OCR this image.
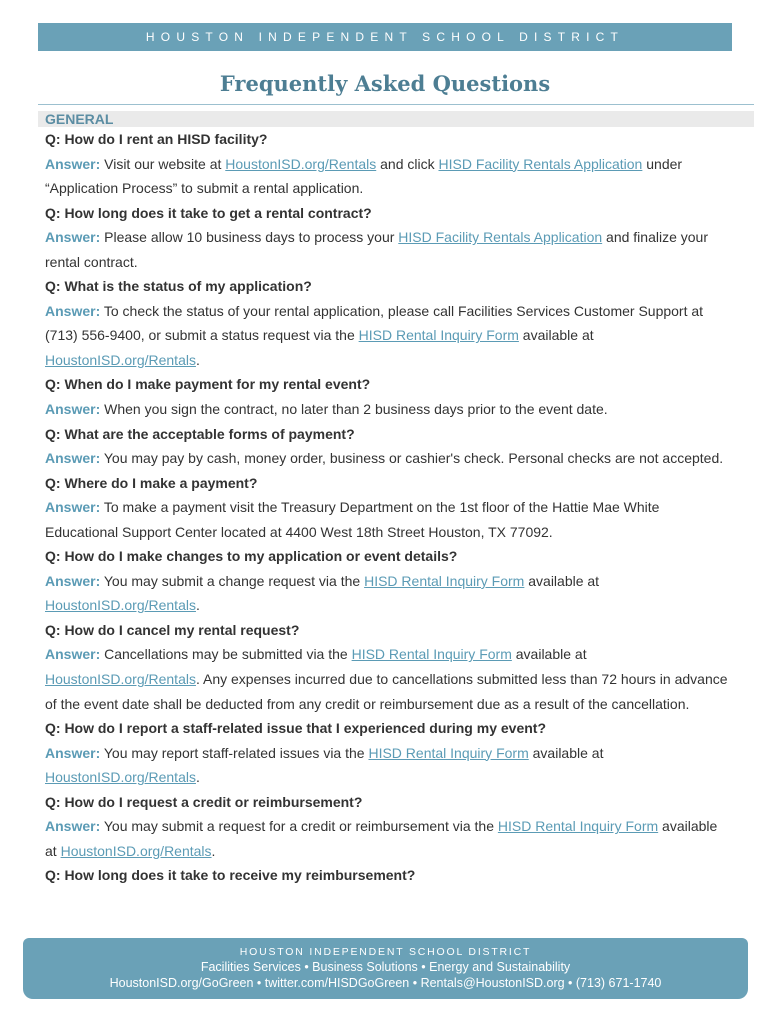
HOUSTON INDEPENDENT SCHOOL DISTRICT
Frequently Asked Questions
GENERAL
Q: How do I rent an HISD facility?
Answer: Visit our website at HoustonISD.org/Rentals and click HISD Facility Rentals Application under
“Application Process” to submit a rental application.
Q: How long does it take to get a rental contract?
Answer: Please allow 10 business days to process your HISD Facility Rentals Application and finalize your
rental contract.
Q: What is the status of my application?
Answer: To check the status of your rental application, please call Facilities Services Customer Support at
(713) 556-9400, or submit a status request via the HISD Rental Inquiry Form available at
HoustonISD.org/Rentals.
Q: When do I make payment for my rental event?
Answer: When you sign the contract, no later than 2 business days prior to the event date.
Q: What are the acceptable forms of payment?
Answer: You may pay by cash, money order, business or cashier's check. Personal checks are not accepted.
Q: Where do I make a payment?
Answer: To make a payment visit the Treasury Department on the 1st floor of the Hattie Mae White
Educational Support Center located at 4400 West 18th Street Houston, TX 77092.
Q: How do I make changes to my application or event details?
Answer: You may submit a change request via the HISD Rental Inquiry Form available at
HoustonISD.org/Rentals.
Q: How do I cancel my rental request?
Answer: Cancellations may be submitted via the HISD Rental Inquiry Form available at
HoustonISD.org/Rentals. Any expenses incurred due to cancellations submitted less than 72 hours in advance
of the event date shall be deducted from any credit or reimbursement due as a result of the cancellation.
Q: How do I report a staff-related issue that I experienced during my event?
Answer: You may report staff-related issues via the HISD Rental Inquiry Form available at
HoustonISD.org/Rentals.
Q: How do I request a credit or reimbursement?
Answer: You may submit a request for a credit or reimbursement via the HISD Rental Inquiry Form available
at HoustonISD.org/Rentals.
Q: How long does it take to receive my reimbursement?
HOUSTON INDEPENDENT SCHOOL DISTRICT
Facilities Services • Business Solutions • Energy and Sustainability
HoustonISD.org/GoGreen • twitter.com/HISDGoGreen • Rentals@HoustonISD.org • (713) 671-1740
